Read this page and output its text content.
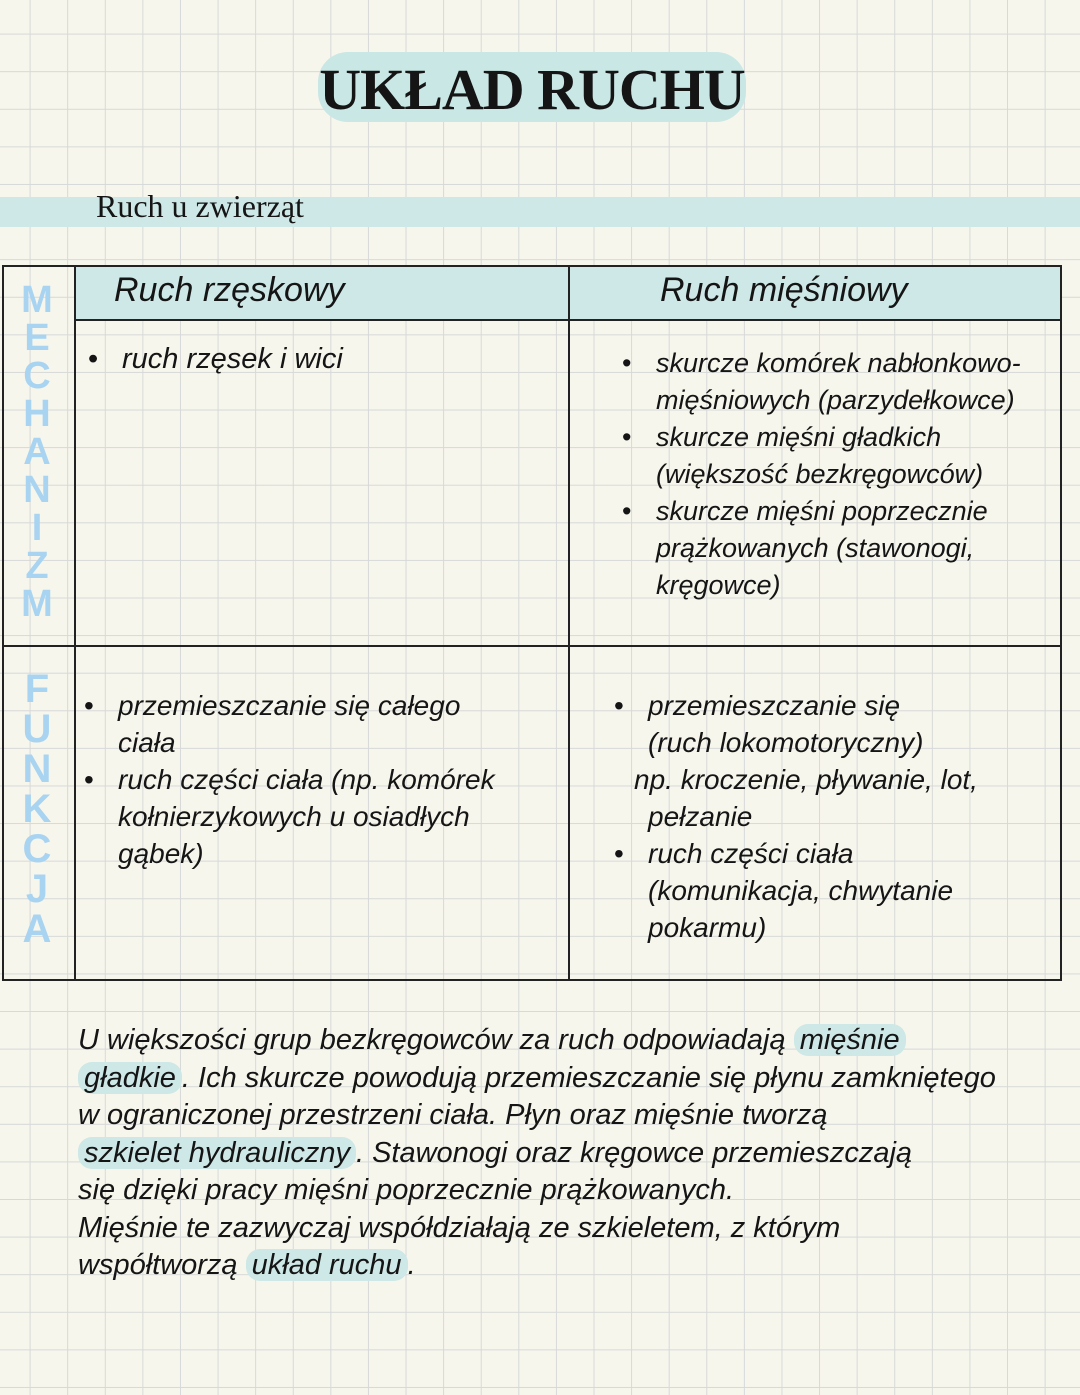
UKŁAD RUCHU
Ruch u zwierząt
Ruch rzęskowy	Ruch mięśniowy
M
E
C
H
A
N
I
Z
M
F
U
N
K
C
J
A
• ruch rzęsek i wici	• skurcze komórek nabłonkowo-
mięśniowych (parzydełkowce)
• skurcze mięśni gładkich
(większość bezkręgowców)
• skurcze mięśni poprzecznie
prążkowanych (stawonogi,
kręgowce)
• przemieszczanie się całego
ciała
• ruch części ciała (np. komórek
kołnierzykowych u osiadłych
gąbek)
• przemieszczanie się
(ruch lokomotoryczny)
np. kroczenie, pływanie, lot,
pełzanie
• ruch części ciała
(komunikacja, chwytanie
pokarmu)
U większości grup bezkręgowców za ruch odpowiadają mięśnie
gładkie . Ich skurcze powodują przemieszczanie się płynu zamkniętego
w ograniczonej przestrzeni ciała. Płyn oraz mięśnie tworzą
szkielet hydrauliczny . Stawonogi oraz kręgowce przemieszczają
się dzięki pracy mięśni poprzecznie prążkowanych.
Mięśnie te zazwyczaj współdziałają ze szkieletem, z którym
współtworzą układ ruchu .
